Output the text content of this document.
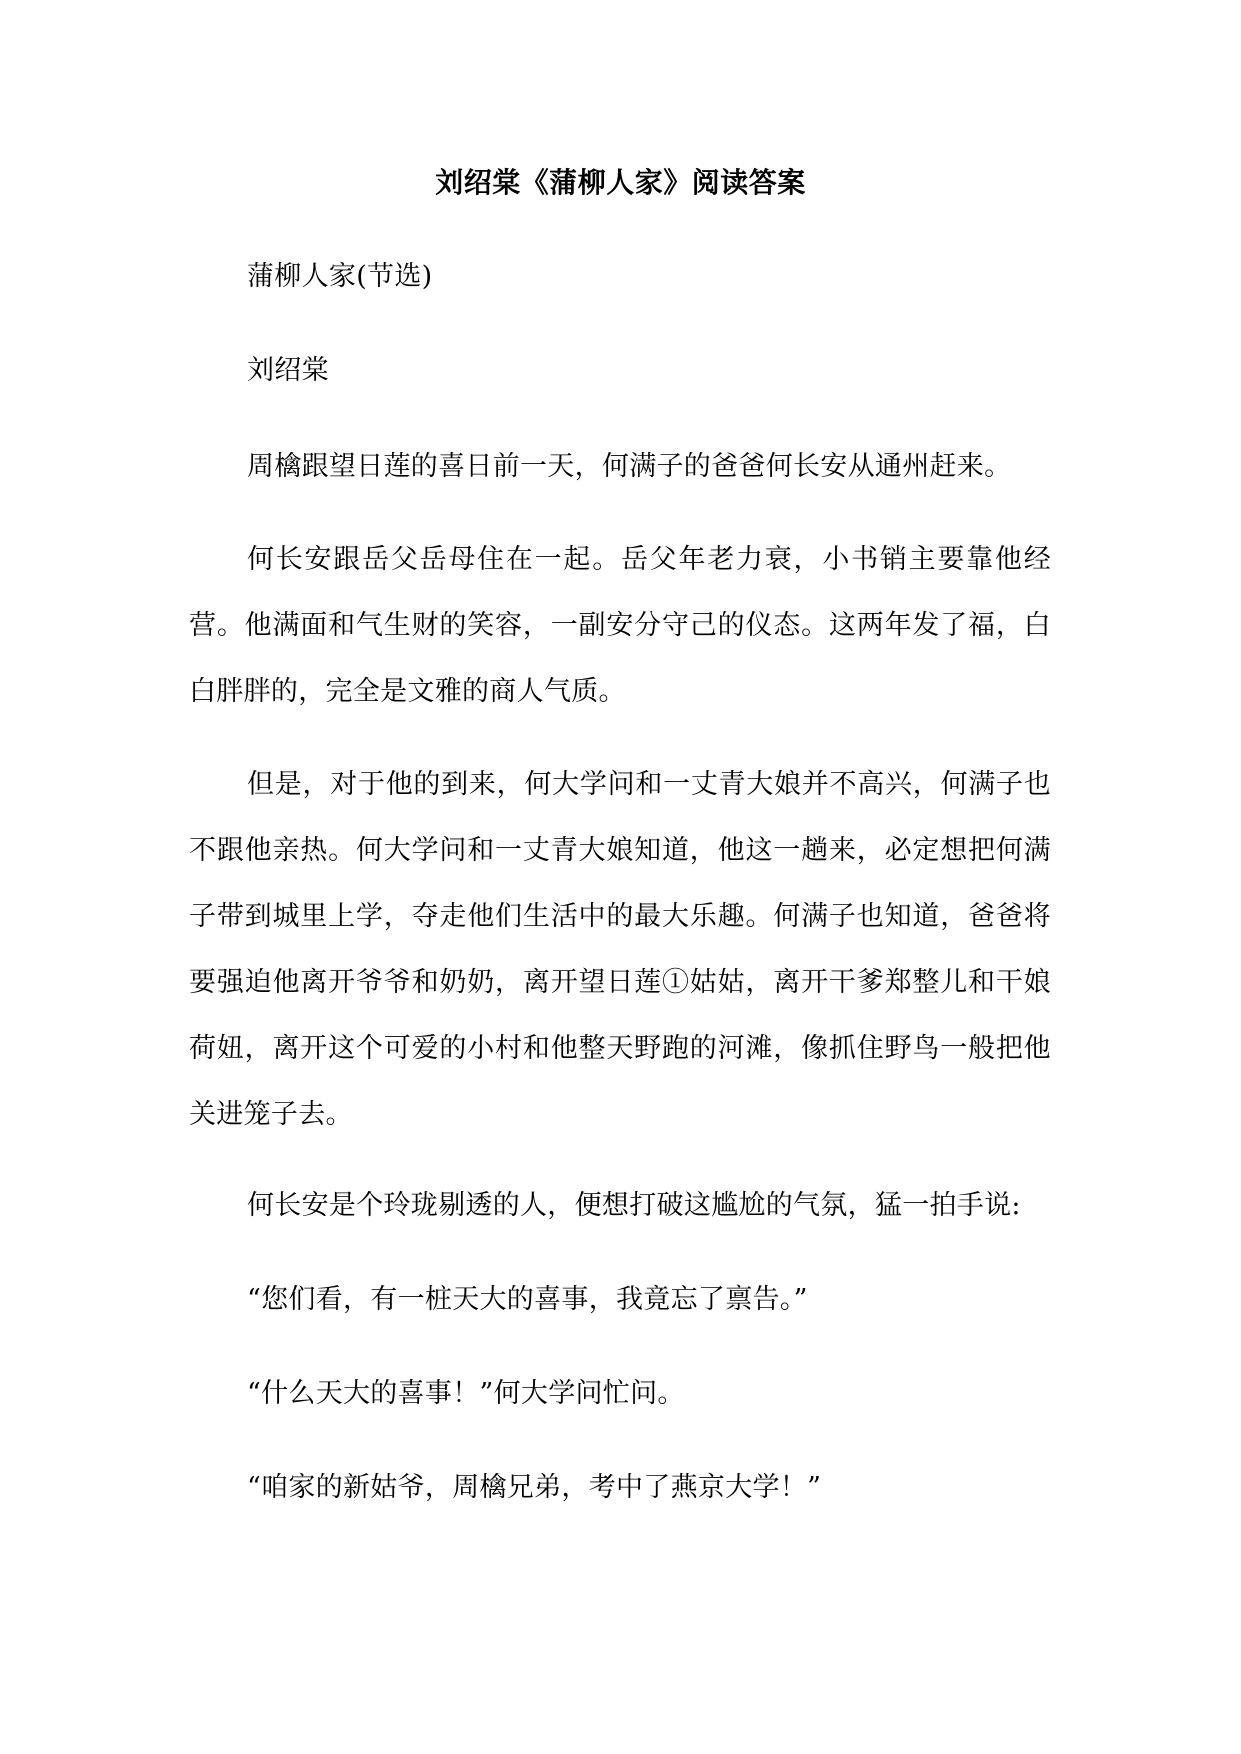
刘绍棠《蒲柳人家》阅读答案

蒲柳人家(节选)

刘绍棠

周檎跟望日莲的喜日前一天，何满子的爸爸何长安从通州赶来。

何长安跟岳父岳母住在一起。岳父年老力衰，小书销主要靠他经营。他满面和气生财的笑容，一副安分守己的仪态。这两年发了福，白白胖胖的，完全是文雅的商人气质。

但是，对于他的到来，何大学问和一丈青大娘并不高兴，何满子也不跟他亲热。何大学问和一丈青大娘知道，他这一趟来，必定想把何满子带到城里上学，夺走他们生活中的最大乐趣。何满子也知道，爸爸将要强迫他离开爷爷和奶奶，离开望日莲①姑姑，离开干爹郑整儿和干娘荷妞，离开这个可爱的小村和他整天野跑的河滩，像抓住野鸟一般把他关进笼子去。

何长安是个玲珑剔透的人，便想打破这尴尬的气氛，猛一拍手说:

“您们看，有一桩天大的喜事，我竟忘了禀告。”

“什么天大的喜事！”何大学问忙问。

“咱家的新姑爷，周檎兄弟，考中了燕京大学！”
